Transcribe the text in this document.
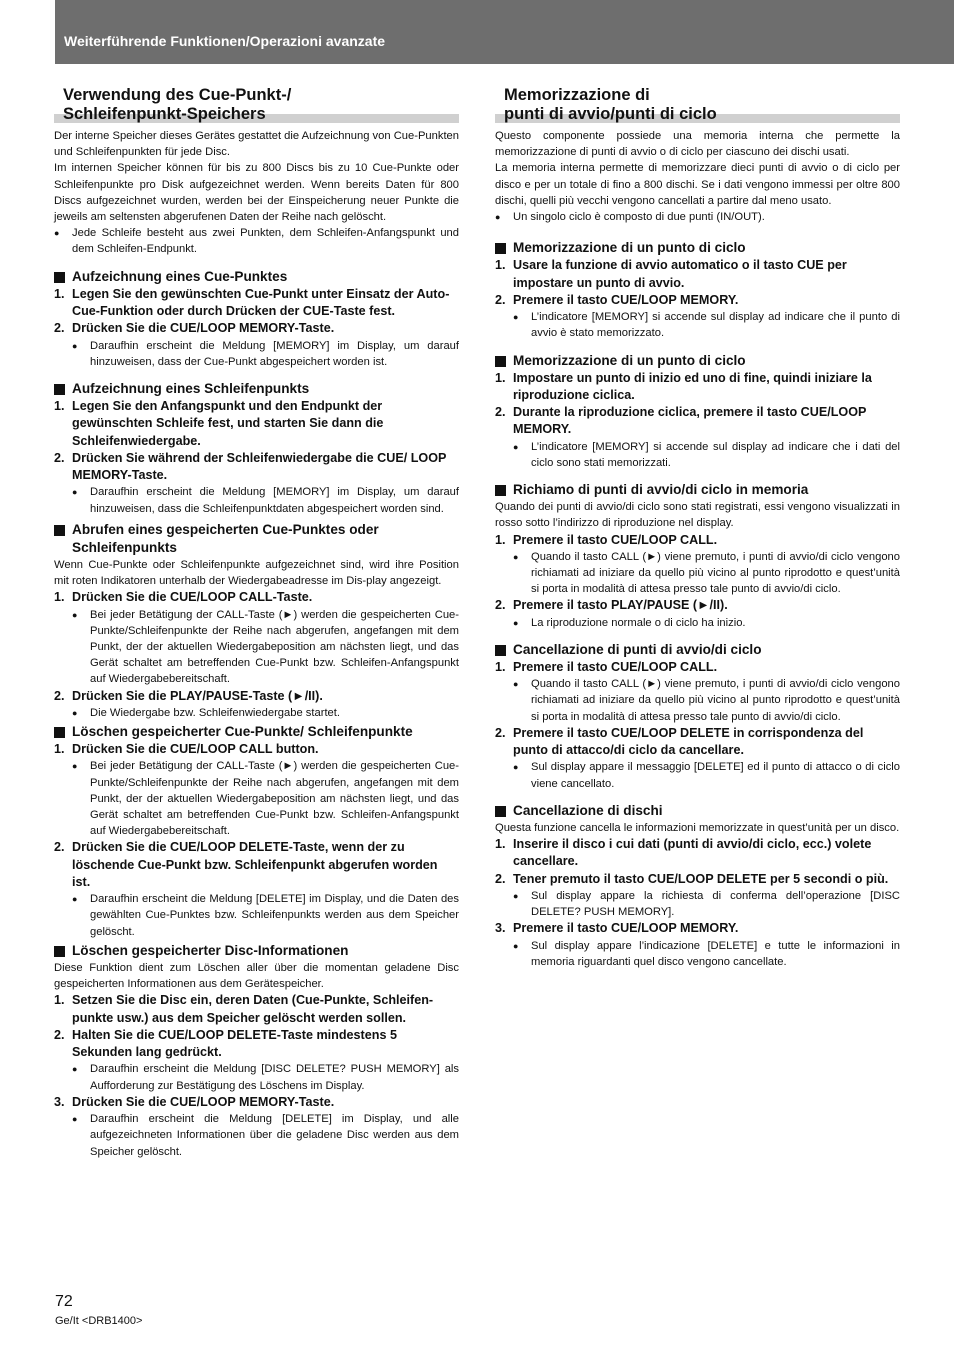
Weiterführende Funktionen/Operazioni avanzate
Verwendung des Cue-Punkt-/
Schleifenpunkt-Speichers

Der interne Speicher dieses Gerätes gestattet die Aufzeichnung von Cue-Punkten und Schleifenpunkten für jede Disc.

Im internen Speicher können für bis zu 800 Discs bis zu 10 Cue-Punkte oder Schleifenpunkte pro Disk aufgezeichnet werden. Wenn bereits Daten für 800 Discs aufgezeichnet wurden, werden bei der Einspeicherung neuer Punkte die jeweils am seltensten abgerufenen Daten der Reihe nach gelöscht.

● Jede Schleife besteht aus zwei Punkten, dem Schleifen-Anfangspunkt und dem Schleifen-Endpunkt.

Aufzeichnung eines Cue-Punktes
1. Legen Sie den gewünschten Cue-Punkt unter Einsatz der Auto-Cue-Funktion oder durch Drücken der CUE-Taste fest.
2. Drücken Sie die CUE/LOOP MEMORY-Taste.

● Daraufhin erscheint die Meldung [MEMORY] im Display, um darauf hinzuweisen, dass der Cue-Punkt abgespeichert worden ist.

Aufzeichnung eines Schleifenpunkts
1. Legen Sie den Anfangspunkt und den Endpunkt der gewünschten Schleife fest, und starten Sie dann die Schleifenwiedergabe.
2. Drücken Sie während der Schleifenwiedergabe die CUE/ LOOP MEMORY-Taste.

● Daraufhin erscheint die Meldung [MEMORY] im Display, um darauf hinzuweisen, dass die Schleifenpunktdaten abgespeichert worden sind.

Abrufen eines gespeicherten Cue-Punktes oder Schleifenpunkts

Wenn Cue-Punkte oder Schleifenpunkte aufgezeichnet sind, wird ihre Position mit roten Indikatoren unterhalb der Wiedergabeadresse im Dis-play angezeigt.

1. Drücken Sie die CUE/LOOP CALL-Taste.

● Bei jeder Betätigung der CALL-Taste (►) werden die gespeicherten Cue-Punkte/Schleifenpunkte der Reihe nach abgerufen, angefangen mit dem Punkt, der der aktuellen Wiedergabeposition am nächsten liegt, und das Gerät schaltet am betreffenden Cue-Punkt bzw. Schleifen-Anfangspunkt auf Wiedergabebereitschaft.

2. Drücken Sie die PLAY/PAUSE-Taste (►/II).

● Die Wiedergabe bzw. Schleifenwiedergabe startet.

Löschen gespeicherter Cue-Punkte/ Schleifenpunkte
1. Drücken Sie die CUE/LOOP CALL button.

● Bei jeder Betätigung der CALL-Taste (►) werden die gespeicherten Cue-Punkte/Schleifenpunkte der Reihe nach abgerufen, angefangen mit dem Punkt, der der aktuellen Wiedergabeposition am nächsten liegt, und das Gerät schaltet am betreffenden Cue-Punkt bzw. Schleifen-Anfangspunkt auf Wiedergabebereitschaft.

2. Drücken Sie die CUE/LOOP DELETE-Taste, wenn der zu löschende Cue-Punkt bzw. Schleifenpunkt abgerufen worden ist.

● Daraufhin erscheint die Meldung [DELETE] im Display, und die Daten des gewählten Cue-Punktes bzw. Schleifenpunkts werden aus dem Speicher gelöscht.

Löschen gespeicherter Disc-Informationen

Diese Funktion dient zum Löschen aller über die momentan geladene Disc gespeicherten Informationen aus dem Gerätespeicher.

1. Setzen Sie die Disc ein, deren Daten (Cue-Punkte, Schleifen-punkte usw.) aus dem Speicher gelöscht werden sollen.
2. Halten Sie die CUE/LOOP DELETE-Taste mindestens 5 Sekunden lang gedrückt.

● Daraufhin erscheint die Meldung [DISC DELETE? PUSH MEMORY] als Aufforderung zur Bestätigung des Löschens im Display.

3. Drücken Sie die CUE/LOOP MEMORY-Taste.

● Daraufhin erscheint die Meldung [DELETE] im Display, und alle aufgezeichneten Informationen über die geladene Disc werden aus dem Speicher gelöscht.

Memorizzazione di
punti di avvio/punti di ciclo

Questo componente possiede una memoria interna che permette la memorizzazione di punti di avvio o di ciclo per ciascuno dei dischi usati.

La memoria interna permette di memorizzare dieci punti di avvio o di ciclo per disco e per un totale di fino a 800 dischi. Se i dati vengono immessi per oltre 800 dischi, quelli più vecchi vengono cancellati a partire dal meno usato.

● Un singolo ciclo è composto di due punti (IN/OUT).

Memorizzazione di un punto di ciclo
1. Usare la funzione di avvio automatico o il tasto CUE per impostare un punto di avvio.
2. Premere il tasto CUE/LOOP MEMORY.

● L’indicatore [MEMORY] si accende sul display ad indicare che il punto di avvio è stato memorizzato.

Memorizzazione di un punto di ciclo
1. Impostare un punto di inizio ed uno di fine, quindi iniziare la riproduzione ciclica.
2. Durante la riproduzione ciclica, premere il tasto CUE/LOOP MEMORY.

● L’indicatore [MEMORY] si accende sul display ad indicare che i dati del ciclo sono stati memorizzati.

Richiamo di punti di avvio/di ciclo in memoria

Quando dei punti di avvio/di ciclo sono stati registrati, essi vengono visualizzati in rosso sotto l’indirizzo di riproduzione nel display.

1. Premere il tasto CUE/LOOP CALL.

● Quando il tasto CALL (►) viene premuto, i punti di avvio/di ciclo vengono richiamati ad iniziare da quello più vicino al punto riprodotto e quest’unità si porta in modalità di attesa presso tale punto di avvio/di ciclo.

2. Premere il tasto PLAY/PAUSE (►/II).

● La riproduzione normale o di ciclo ha inizio.

Cancellazione di punti di avvio/di ciclo
1. Premere il tasto CUE/LOOP CALL.

● Quando il tasto CALL (►) viene premuto, i punti di avvio/di ciclo vengono richiamati ad iniziare da quello più vicino al punto riprodotto e quest’unità si porta in modalità di attesa presso tale punto di avvio/di ciclo.

2. Premere il tasto CUE/LOOP DELETE in corrispondenza del punto di attacco/di ciclo da cancellare.

● Sul display appare il messaggio [DELETE] ed il punto di attacco o di ciclo viene cancellato.

Cancellazione di dischi

Questa funzione cancella le informazioni memorizzate in quest’unità per un disco.

1. Inserire il disco i cui dati (punti di avvio/di ciclo, ecc.) volete cancellare.
2. Tener premuto il tasto CUE/LOOP DELETE per 5 secondi o più.

● Sul display appare la richiesta di conferma dell’operazione [DISC DELETE? PUSH MEMORY].

3. Premere il tasto CUE/LOOP MEMORY.

● Sul display appare l’indicazione [DELETE] e tutte le informazioni in memoria riguardanti quel disco vengono cancellate.

72
Ge/It <DRB1400>
